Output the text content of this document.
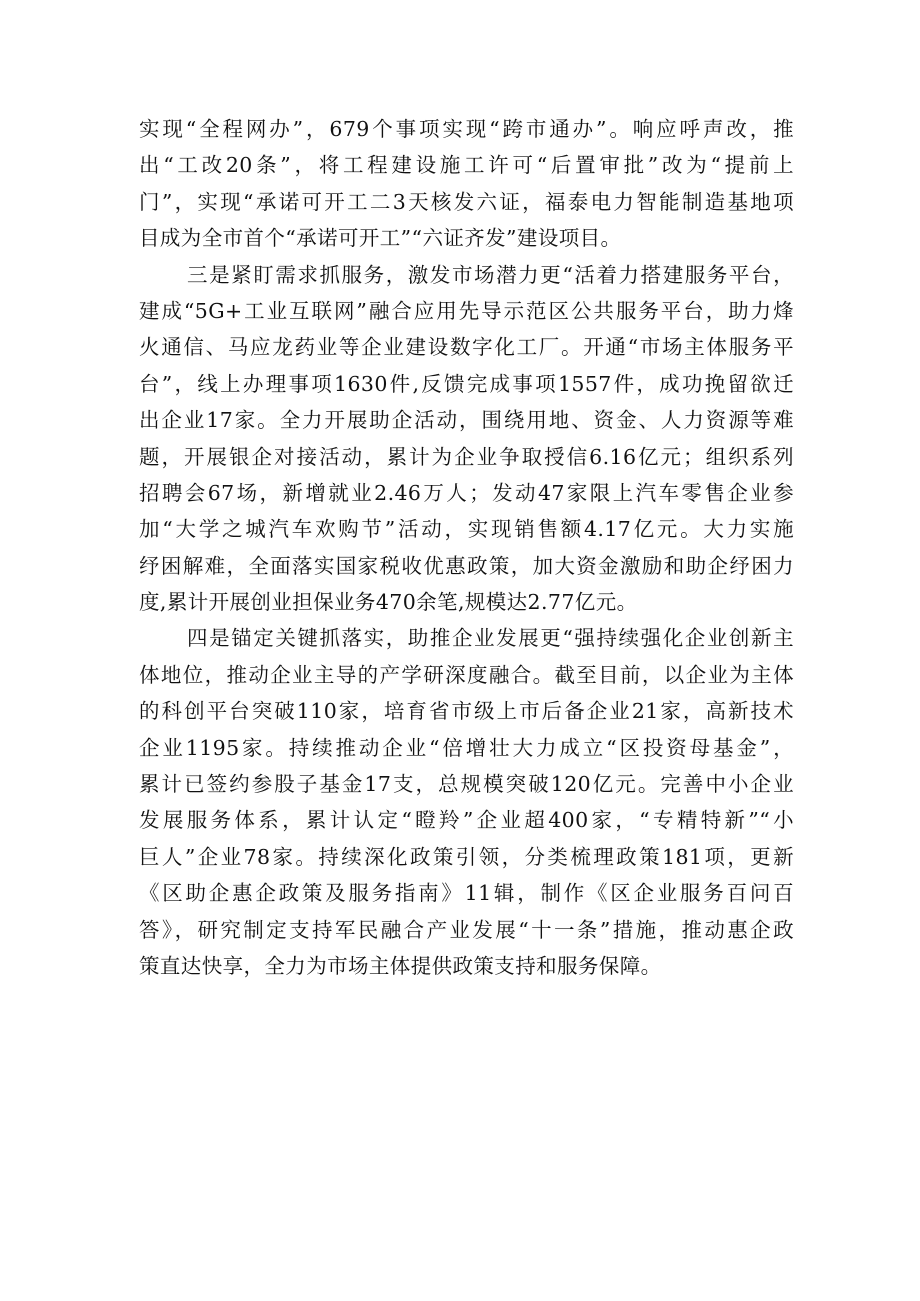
实现“全程网办”，679个事项实现“跨市通办”。响应呼声改，推
出“工改20条”，将工程建设施工许可“后置审批”改为“提前上
门”，实现“承诺可开工二3天核发六证，福泰电力智能制造基地项
目成为全市首个“承诺可开工”“六证齐发”建设项目。
三是紧盯需求抓服务，激发市场潜力更“活着力搭建服务平台，
建成“5G+工业互联网”融合应用先导示范区公共服务平台，助力烽
火通信、马应龙药业等企业建设数字化工厂。开通“市场主体服务平
台”，线上办理事项1630件,反馈完成事项1557件，成功挽留欲迁
出企业17家。全力开展助企活动，围绕用地、资金、人力资源等难
题，开展银企对接活动，累计为企业争取授信6.16亿元；组织系列
招聘会67场，新增就业2.46万人；发动47家限上汽车零售企业参
加“大学之城汽车欢购节”活动，实现销售额4.17亿元。大力实施
纾困解难，全面落实国家税收优惠政策，加大资金激励和助企纾困力
度,累计开展创业担保业务470余笔,规模达2.77亿元。
四是锚定关键抓落实，助推企业发展更“强持续强化企业创新主
体地位，推动企业主导的产学研深度融合。截至目前，以企业为主体
的科创平台突破110家，培育省市级上市后备企业21家，高新技术
企业1195家。持续推动企业“倍增壮大力成立“区投资母基金”，
累计已签约参股子基金17支，总规模突破120亿元。完善中小企业
发展服务体系，累计认定“瞪羚”企业超400家，“专精特新”“小
巨人”企业78家。持续深化政策引领，分类梳理政策181项，更新
《区助企惠企政策及服务指南》11辑，制作《区企业服务百问百
答》，研究制定支持军民融合产业发展“十一条”措施，推动惠企政
策直达快享，全力为市场主体提供政策支持和服务保障。
